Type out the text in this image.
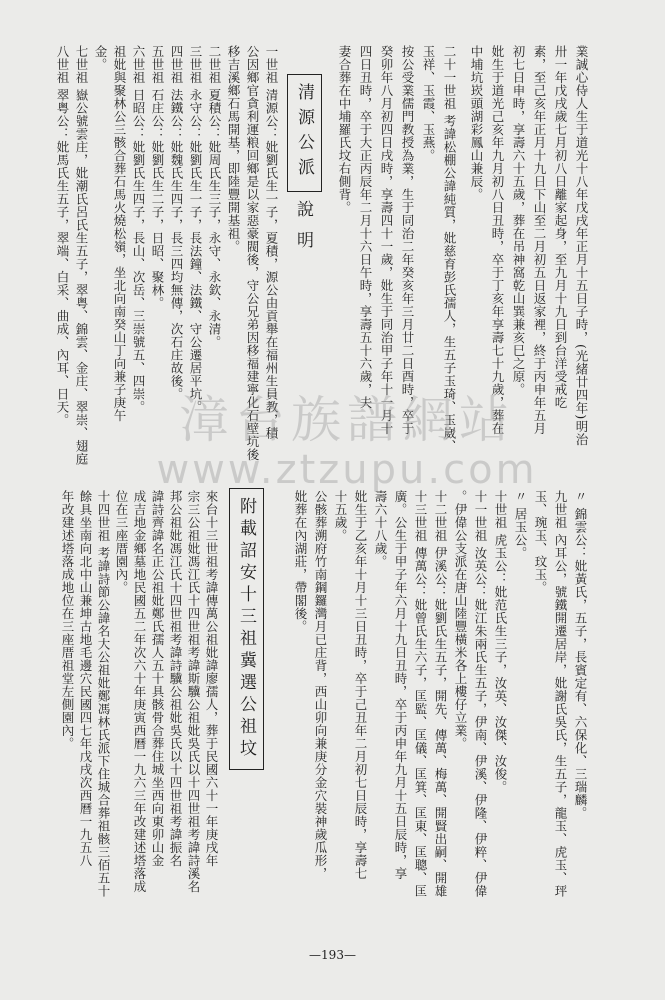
清源公派
說明	業誠心侍人生于道光十八年戊戌年正月十五日子時，(光緒廿四年)明治
卅一年戊戌歲七月初八日離家起身，至九月十九日到台洋受戒吃
素，至己亥年正月十九日下山至二月初五日返家裡，終于丙申年五月
初七日申時，享壽六十五歲，葬在吊神窩乾山巽兼亥巳之原。
妣生于道光己亥年九月初八日丑時，卒于丁亥年享壽七十九歲，葬在
中埔坑崁頭湖彩鳳山兼辰。
二十一世祖 考諱松棚公諱純質，妣慈育彭氏孺人，生五子玉琦、玉崴、
玉祥、玉霞、玉燕。
按公受業儒門教授為業，生于同治二年癸亥年三月廿二日酉時，卒于
癸卯年八月初四日戌時，享壽四十一歲，妣生于同治甲子年十一月十
四日丑時，卒于大正丙辰年二月十六日午時，享壽五十六歲，夫
妻合葬在中埔羅氏坟右側背。
一世祖 清源公：妣劉氏生一子，夏積，源公由貢舉在福州生員教，積
公因鄉官貪利運粮回鄉是以家惡豪閥後，守公兄弟因移福建寧化石壁坑後
移吉溪鄉石馬開基，即陸豐開基祖。
二世祖 夏積公：妣周氏生三子，永守、永欽、永清。
三世祖 永守公：妣劉氏生一子，長法鐘、法鐵、守公遷居平坑。
四世祖 法鐵公：妣魏氏生四子，長三四均無傳，次石庄故後。
五世祖 石庄公：妣劉氏生二子，日昭、聚林。
六世祖 日昭公：妣劉氏生四子，長山、次岳、三崇號五、四崇。
祖妣與聚林公三骸合葬石馬火燒松嶺，坐北向南癸山丁向兼子庚午
金。
七世祖 嶽公號雲庄，妣潮氏呂氏生五子，翠粤、錦雲、金庄、翠崇、翅庭
八世祖 翠粤公：妣馬氏生五子，翠端、白采、曲成、內耳、日天。
附載詔安十三祖冀選公祖坟	〃 錦雲公：妣黃氏，五子，長賓定有、六保化、三瑞麟。
九世祖 內耳公，號鐵開遷居岸，妣謝氏吳氏，生五子，龍玉、虎玉、玶
玉、琬玉、玟玉。
〃 居玉公。
十世祖 虎玉公：妣范氏生三子，汝英、汝傑、汝俊。
十一世祖 汝英公：妣江朱兩氏生五子，伊南、伊溪、伊隆、伊粹、伊偉
。伊偉公支派在唐山陸豐橫米各上樓仔立業。
十二世祖 伊溪公：妣劉氏生五子，開先、傳萬、梅萬、開賢出嗣、開雄
十三世祖 傳萬公：妣曾氏生六子，匡監、匡儀、匡箕、匡東、匡聰、匡
廣。公生于甲子年六月十九日丑時，卒于丙申年九月十五日辰時，享
壽六十八歲。
妣生于乙亥年十月十三日丑時，卒于己丑年二月初七日辰時，享壽七
十五歲。
公骸葬溯府竹南鋼鑼灣月已庄背，西山卯向兼庚分金穴裝神歲瓜形，
妣葬在內湖莊，帶閣後。
來台十三世祖考諱傳萬公祖妣諱廖孺人，葬于民國六十一年庚戌年
宗三公祖妣馮江氏十四世祖考諱斯驥公祖妣吳氏以十四世祖考諱詩溪名
邦公祖妣馮江氏十四世祖考諱詩驥公祖妣吳氏以十四世祖考諱振名
諱詩齊諱名正公祖妣鄭氏孺人五十具骸骨合葬住城坐西向東卯山金
成吉地金鄉墓地民國五二年次六十年庚寅西曆一九六三年改建述塔落成
位在三座厝園內。
十四世祖 考諱詩節公諱名大公祖妣鄭馮林氏派下住城合葬祖骸三佰五十
餘具坐南向北中山兼坤古地毛邊穴民國四七年戊戌次西曆一九五八
年改建述塔落成地位在三座厝祖堂左側園內。
漳台族譜網站
www.ztzupu.com
—193—
